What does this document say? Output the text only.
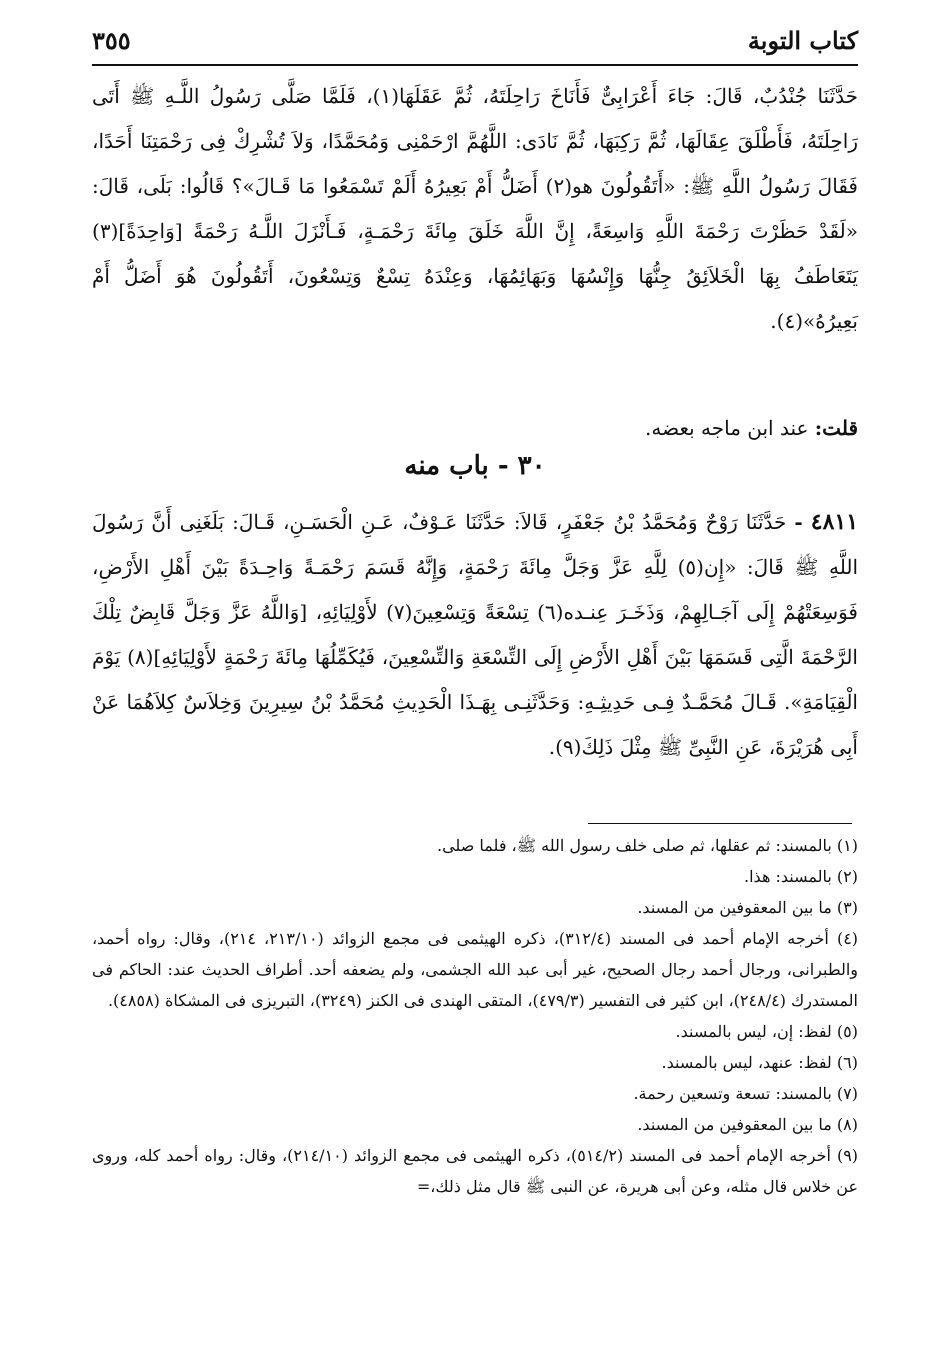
كتاب التوبة
٣٥٥
حَدَّثَنَا جُنْدُبٌ، قَالَ: جَاءَ أَعْرَابِىٌّ فَأَنَاخَ رَاحِلَتَهُ، ثُمَّ عَقَلَهَا(١)، فَلَمَّا صَلَّى رَسُولُ اللَّـهِ ﷺ أَتَى رَاحِلَتَهُ، فَأَطْلَقَ عِقَالَهَا، ثُمَّ رَكِبَهَا، ثُمَّ نَادَى: اللَّهُمَّ ارْحَمْنِى وَمُحَمَّدًا، وَلاَ تُشْرِكْ فِى رَحْمَتِنَا أَحَدًا، فَقَالَ رَسُولُ اللَّهِ ﷺ: «أَتَقُولُونَ هو(٢) أَضَلُّ أَمْ بَعِيرُهُ أَلَمْ تَسْمَعُوا مَا قَـالَ»؟ قَالُوا: بَلَى، قَالَ: «لَقَدْ حَظَرْتَ رَحْمَةَ اللَّهِ وَاسِعَةً، إِنَّ اللَّهَ خَلَقَ مِائَةَ رَحْمَـةٍ، فَـأَنْزَلَ اللَّـهُ رَحْمَةً [وَاحِدَةً](٣) يَتَعَاطَفُ بِهَا الْخَلاَئِقُ جِنُّهَا وَإِنْسُهَا وَبَهَائِمُهَا، وَعِنْدَهُ تِسْعٌ وَتِسْعُونَ، أَتَقُولُونَ هُوَ أَضَلُّ أَمْ بَعِيرُهُ»(٤).
قلت: عند ابن ماجه بعضه.
٣٠ - باب منه
٤٨١١ - حَدَّثَنَا رَوْحٌ وَمُحَمَّدُ بْنُ جَعْفَرٍ، قَالاَ: حَدَّثَنَا عَـوْفٌ، عَـنِ الْحَسَـنِ، قَـالَ: بَلَغَنِى أَنَّ رَسُولَ اللَّهِ ﷺ قَالَ: «إِن(٥) لِلَّهِ عَزَّ وَجَلَّ مِائَةَ رَحْمَةٍ، وَإِنَّهُ قَسَمَ رَحْمَـةً وَاحِـدَةً بَيْنَ أَهْلِ الأَرْضِ، فَوَسِعَتْهُمْ إِلَى آجَـالِهِمْ، وَذَخَـرَ عِنـده(٦) تِسْعَةً وَتِسْعِينَ(٧) لأَوْلِيَائِهِ، [وَاللَّهُ عَزَّ وَجَلَّ قَابِضٌ تِلْكَ الرَّحْمَةَ الَّتِى قَسَمَهَا بَيْنَ أَهْلِ الأَرْضِ إِلَى التِّسْعَةِ وَالتِّسْعِينَ، فَيُكَمِّلُهَا مِائَةَ رَحْمَةٍ لأَوْلِيَائِهِ](٨) يَوْمَ الْقِيَامَةِ». قَـالَ مُحَمَّـدٌ فِـى حَدِيثِـهِ: وَحَدَّثَنِـى بِهَـذَا الْحَدِيثِ مُحَمَّدُ بْنُ سِيرِينَ وَخِلاَسٌ كِلاَهُمَا عَنْ أَبِى هُرَيْرَةَ، عَنِ النَّبِىِّ ﷺ مِثْلَ ذَلِكَ(٩).
(١) بالمسند: ثم عقلها، ثم صلى خلف رسول الله ﷺ، فلما صلى.
(٢) بالمسند: هذا.
(٣) ما بين المعقوفين من المسند.
(٤) أخرجه الإمام أحمد فى المسند (٣١٢/٤)، ذكره الهيثمى فى مجمع الزوائد (٢١٣/١٠، ٢١٤)، وقال: رواه أحمد، والطبرانى، ورجال أحمد رجال الصحيح، غير أبى عبد الله الجشمى، ولم يضعفه أحد. أطراف الحديث عند: الحاكم فى المستدرك (٢٤٨/٤)، ابن كثير فى التفسير (٤٧٩/٣)، المتقى الهندى فى الكنز (٣٢٤٩)، التبريزى فى المشكاة (٤٨٥٨).
(٥) لفظ: إن، ليس بالمسند.
(٦) لفظ: عنهد، ليس بالمسند.
(٧) بالمسند: تسعة وتسعين رحمة.
(٨) ما بين المعقوفين من المسند.
(٩) أخرجه الإمام أحمد فى المسند (٥١٤/٢)، ذكره الهيثمى فى مجمع الزوائد (٢١٤/١٠)، وقال: رواه أحمد كله، وروى عن خلاس قال مثله، وعن أبى هريرة، عن النبى ﷺ قال مثل ذلك،=
